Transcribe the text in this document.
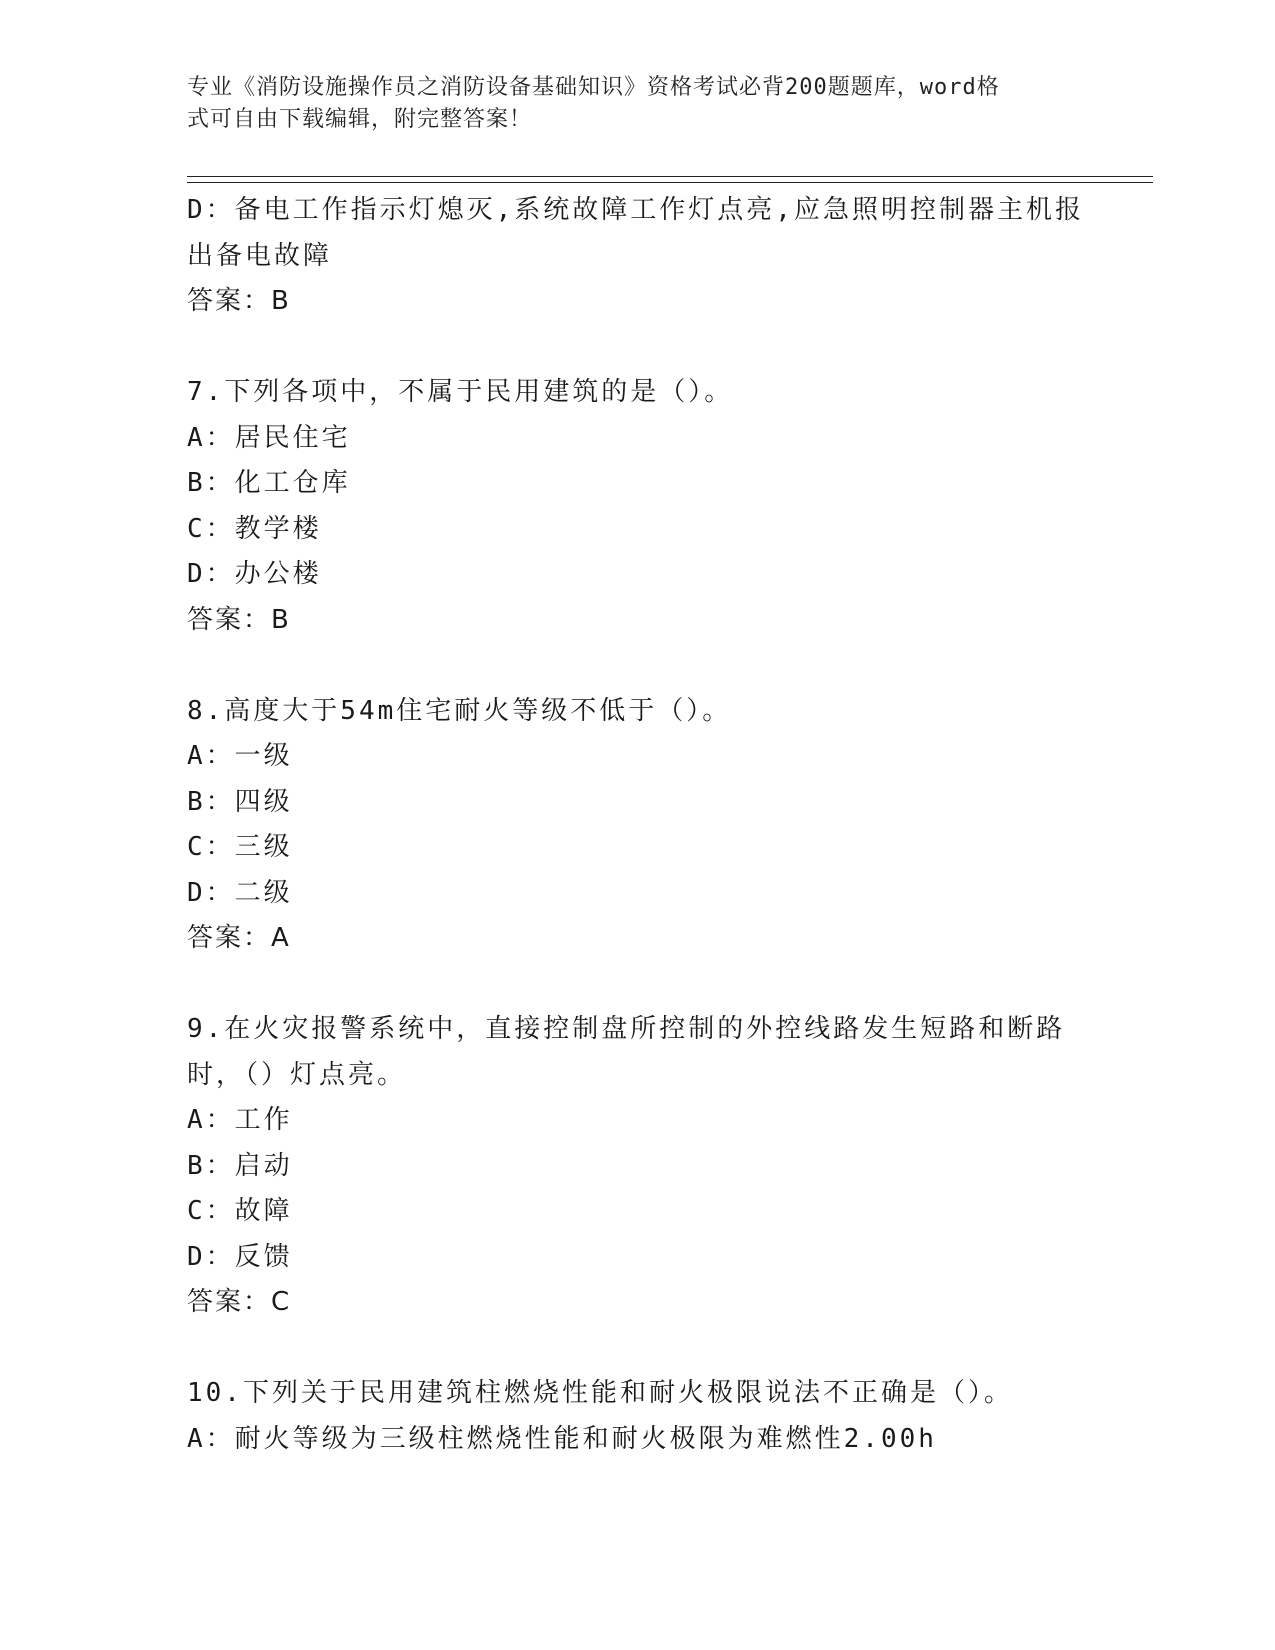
专业《消防设施操作员之消防设备基础知识》资格考试必背200题题库，word格
式可自由下载编辑，附完整答案！

D：备电工作指示灯熄灭,系统故障工作灯点亮,应急照明控制器主机报

出备电故障

答案：B

7.下列各项中，不属于民用建筑的是（）。

A：居民住宅

B：化工仓库

C：教学楼

D：办公楼

答案：B

8.高度大于54m住宅耐火等级不低于（）。

A：一级

B：四级

C：三级

D：二级

答案：A

9.在火灾报警系统中，直接控制盘所控制的外控线路发生短路和断路

时，（）灯点亮。

A：工作

B：启动

C：故障

D：反馈

答案：C

10.下列关于民用建筑柱燃烧性能和耐火极限说法不正确是（）。

A：耐火等级为三级柱燃烧性能和耐火极限为难燃性2.00h
